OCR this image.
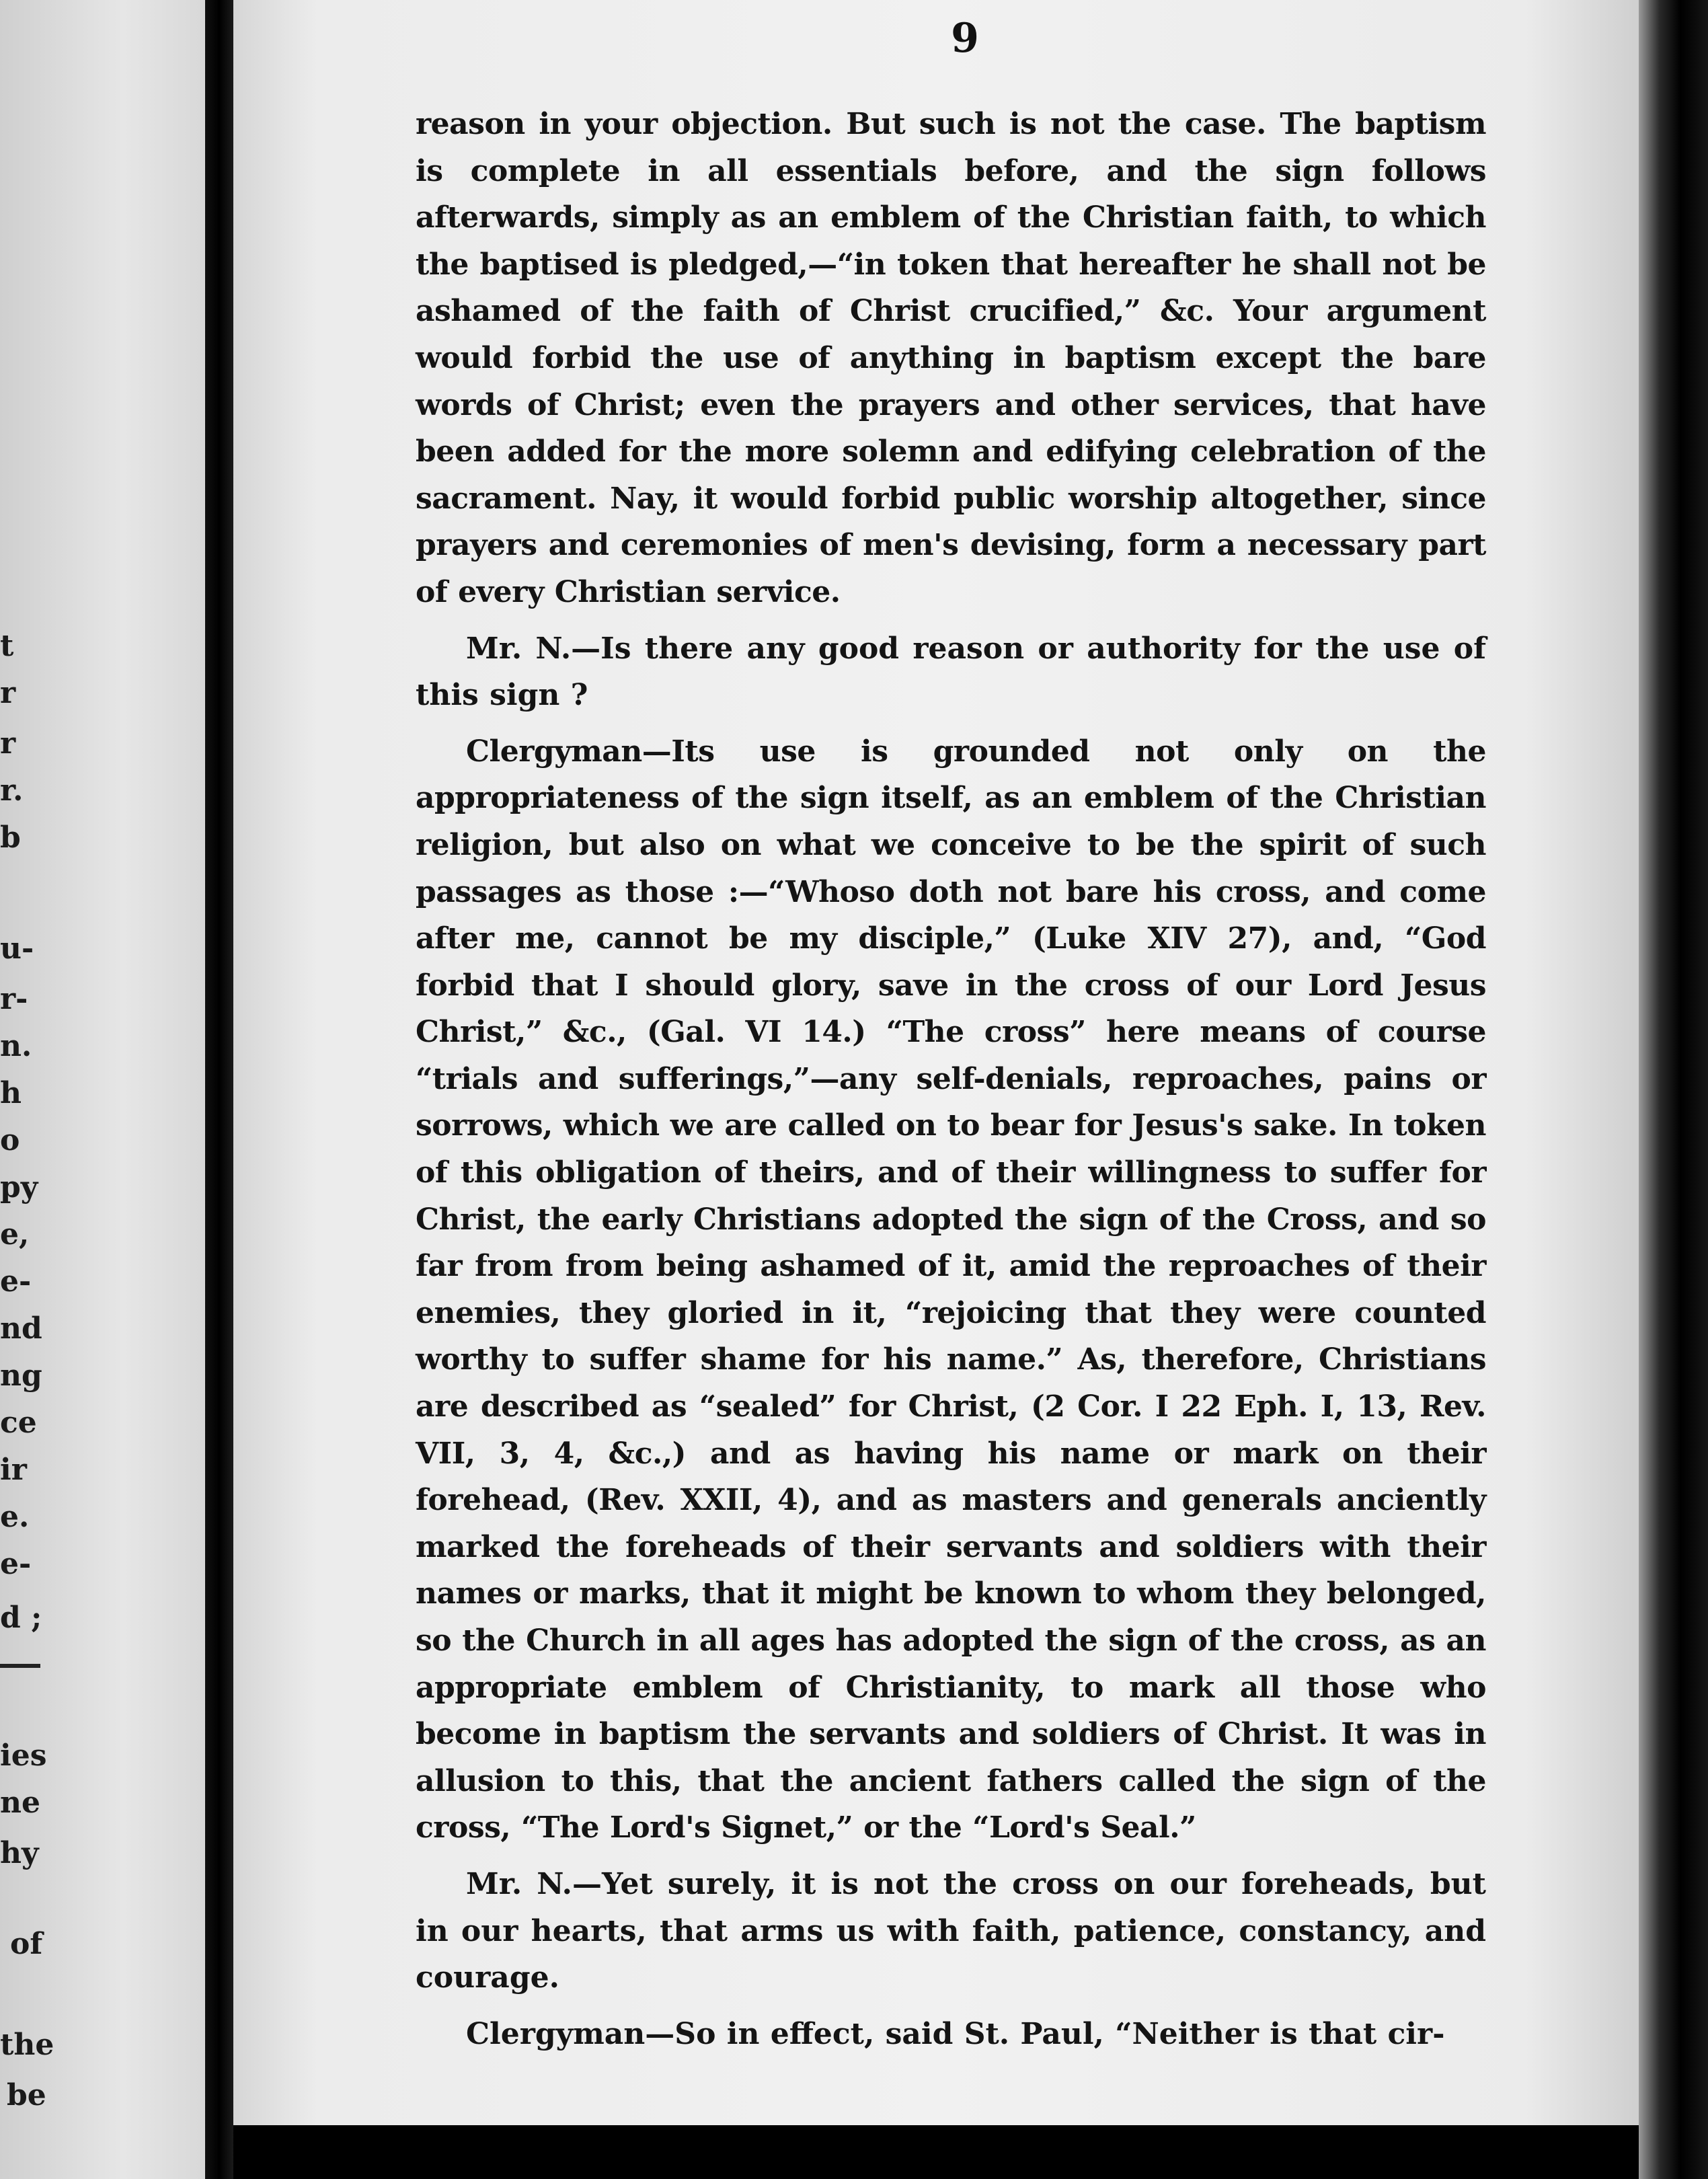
t
r
r
r.
b
u-
r-
n.
h
o
py
e,
e-
nd
ng
ce
ir
e.
e-
d ;
ies
ne
hy
of
the
be
9

reason in your objection. But such is not the case. The baptism is complete in all essentials before, and the sign follows afterwards, simply as an emblem of the Christian faith, to which the baptised is pledged,—“in token that hereafter he shall not be ashamed of the faith of Christ crucified,” &c. Your argument would forbid the use of anything in baptism except the bare words of Christ; even the prayers and other services, that have been added for the more solemn and edifying celebration of the sacrament. Nay, it would forbid public worship altogether, since prayers and ceremonies of men's devising, form a necessary part of every Christian service.

Mr. N.—Is there any good reason or authority for the use of this sign ?

Clergyman—Its use is grounded not only on the appropriateness of the sign itself, as an emblem of the Christian religion, but also on what we conceive to be the spirit of such passages as those :—“Whoso doth not bare his cross, and come after me, cannot be my disciple,” (Luke XIV 27), and, “God forbid that I should glory, save in the cross of our Lord Jesus Christ,” &c., (Gal. VI 14.) “The cross” here means of course “trials and sufferings,”—any self-denials, reproaches, pains or sorrows, which we are called on to bear for Jesus's sake. In token of this obligation of theirs, and of their willingness to suffer for Christ, the early Christians adopted the sign of the Cross, and so far from from being ashamed of it, amid the reproaches of their enemies, they gloried in it, “rejoicing that they were counted worthy to suffer shame for his name.” As, therefore, Christians are described as “sealed” for Christ, (2 Cor. I 22 Eph. I, 13, Rev. VII, 3, 4, &c.,) and as having his name or mark on their forehead, (Rev. XXII, 4), and as masters and generals anciently marked the foreheads of their servants and soldiers with their names or marks, that it might be known to whom they belonged, so the Church in all ages has adopted the sign of the cross, as an appropriate emblem of Christianity, to mark all those who become in baptism the servants and soldiers of Christ. It was in allusion to this, that the ancient fathers called the sign of the cross, “The Lord's Signet,” or the “Lord's Seal.”

Mr. N.—Yet surely, it is not the cross on our foreheads, but in our hearts, that arms us with faith, patience, constancy, and courage.

Clergyman—So in effect, said St. Paul, “Neither is that cir-
